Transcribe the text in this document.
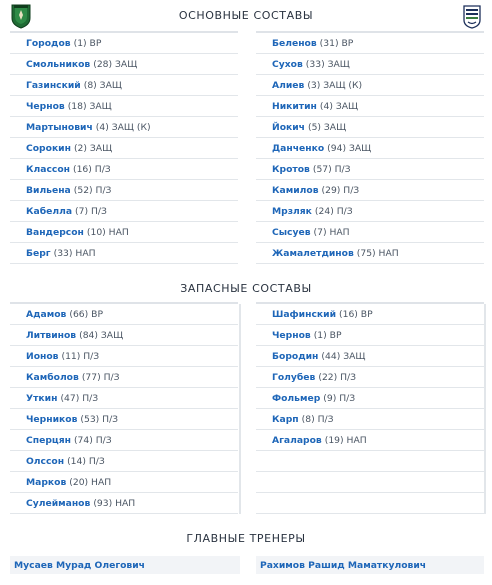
ОСНОВНЫЕ СОСТАВЫ
Городов (1) ВР
Смольников (28) ЗАЩ
Газинский (8) ЗАЩ
Чернов (18) ЗАЩ
Мартынович (4) ЗАЩ (К)
Сорокин (2) ЗАЩ
Классон (16) П/З
Вильена (52) П/З
Кабелла (7) П/З
Вандерсон (10) НАП
Берг (33) НАП
Беленов (31) ВР
Сухов (33) ЗАЩ
Алиев (3) ЗАЩ (К)
Никитин (4) ЗАЩ
Йокич (5) ЗАЩ
Данченко (94) ЗАЩ
Кротов (57) П/З
Камилов (29) П/З
Мрзляк (24) П/З
Сысуев (7) НАП
Жамалетдинов (75) НАП
ЗАПАСНЫЕ СОСТАВЫ
Адамов (66) ВР
Литвинов (84) ЗАЩ
Ионов (11) П/З
Камболов (77) П/З
Уткин (47) П/З
Черников (53) П/З
Сперцян (74) П/З
Олссон (14) П/З
Марков (20) НАП
Сулейманов (93) НАП
Шафинский (16) ВР
Чернов (1) ВР
Бородин (44) ЗАЩ
Голубев (22) П/З
Фольмер (9) П/З
Карп (8) П/З
Агаларов (19) НАП
ГЛАВНЫЕ ТРЕНЕРЫ
Мусаев Мурад Олегович	Рахимов Рашид Маматкулович
